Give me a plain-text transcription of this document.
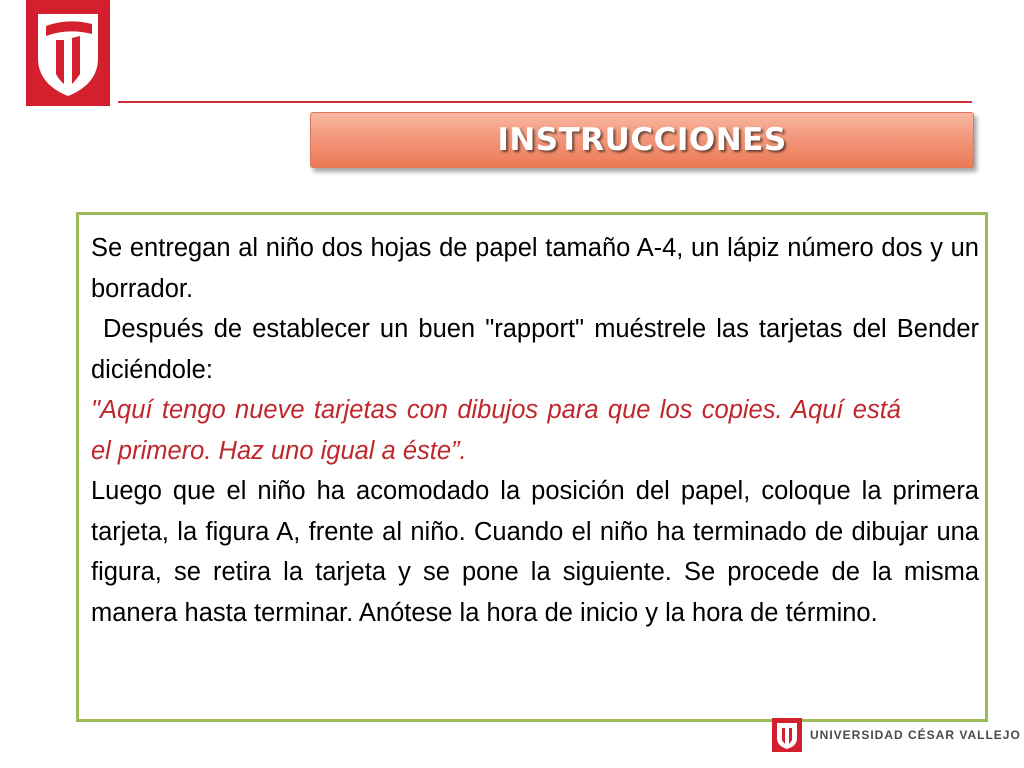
INSTRUCCIONES

Se entregan al niño dos hojas de papel tamaño A-4, un lápiz número dos y un borrador.

Después de establecer un buen "rapport" muéstrele las tarjetas del Bender diciéndole:

"Aquí tengo nueve tarjetas con dibujos para que los copies. Aquí está el primero. Haz uno igual a éste”.

Luego que el niño ha acomodado la posición del papel, coloque la primera tarjeta, la figura A, frente al niño. Cuando el niño ha terminado de dibujar una figura, se retira la tarjeta y se pone la siguiente. Se procede de la misma manera hasta terminar. Anótese la hora de inicio y la hora de término.

UNIVERSIDAD CÉSAR VALLEJO
